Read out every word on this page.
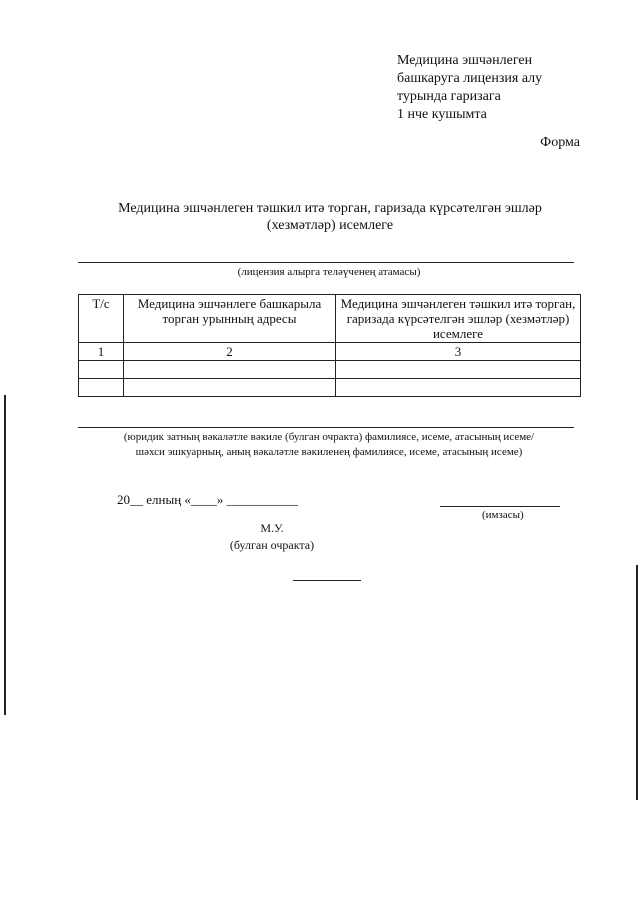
Медицина эшчәнлеген
башкаруга лицензия алу
турында гаризага
1 нче кушымта
Форма
Медицина эшчәнлеген тәшкил итә торган, гаризада күрсәтелгән эшләр
(хезмәтләр) исемлеге
(лицензия алырга теләүченең атамасы)
Т/с	Медицина эшчәнлеге башкарыла торган урынның адресы	Медицина эшчәнлеген тәшкил итә торган, гаризада күрсәтелгән эшләр (хезмәтләр) исемлеге
1	2	3

(юридик затның вәкаләтле вәкиле (булган очракта) фамилиясе, исеме, атасының исеме/
шәхси эшкуарның, аның вәкаләтле вәкиленең фамилиясе, исеме, атасының исеме)
20__ елның «____» ___________
(имзасы)
М.У.
(булган очракта)
